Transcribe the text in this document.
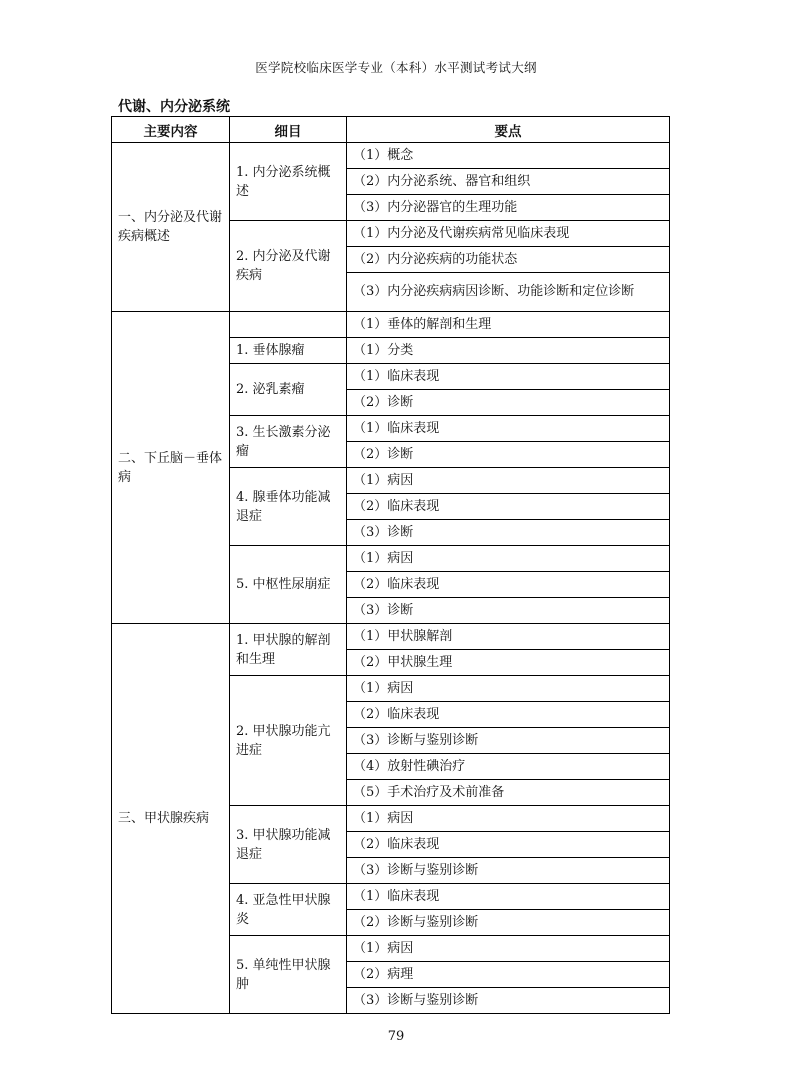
医学院校临床医学专业（本科）水平测试考试大纲
代谢、内分泌系统
主要内容	细目	要点
一、内分泌及代谢疾病概述	1. 内分泌系统概述	（1）概念
		（2）内分泌系统、器官和组织
		（3）内分泌器官的生理功能
	2. 内分泌及代谢疾病	（1）内分泌及代谢疾病常见临床表现
		（2）内分泌疾病的功能状态
		（3）内分泌疾病病因诊断、功能诊断和定位诊断
二、下丘脑－垂体病		（1）垂体的解剖和生理
	1. 垂体腺瘤	（1）分类
	2. 泌乳素瘤	（1）临床表现
		（2）诊断
	3. 生长激素分泌瘤	（1）临床表现
		（2）诊断
	4. 腺垂体功能减退症	（1）病因
		（2）临床表现
		（3）诊断
	5. 中枢性尿崩症	（1）病因
		（2）临床表现
		（3）诊断
三、甲状腺疾病	1. 甲状腺的解剖和生理	（1）甲状腺解剖
		（2）甲状腺生理
	2. 甲状腺功能亢进症	（1）病因
		（2）临床表现
		（3）诊断与鉴别诊断
		（4）放射性碘治疗
		（5）手术治疗及术前准备
	3. 甲状腺功能减退症	（1）病因
		（2）临床表现
		（3）诊断与鉴别诊断
	4. 亚急性甲状腺炎	（1）临床表现
		（2）诊断与鉴别诊断
	5. 单纯性甲状腺肿	（1）病因
		（2）病理
		（3）诊断与鉴别诊断
79
